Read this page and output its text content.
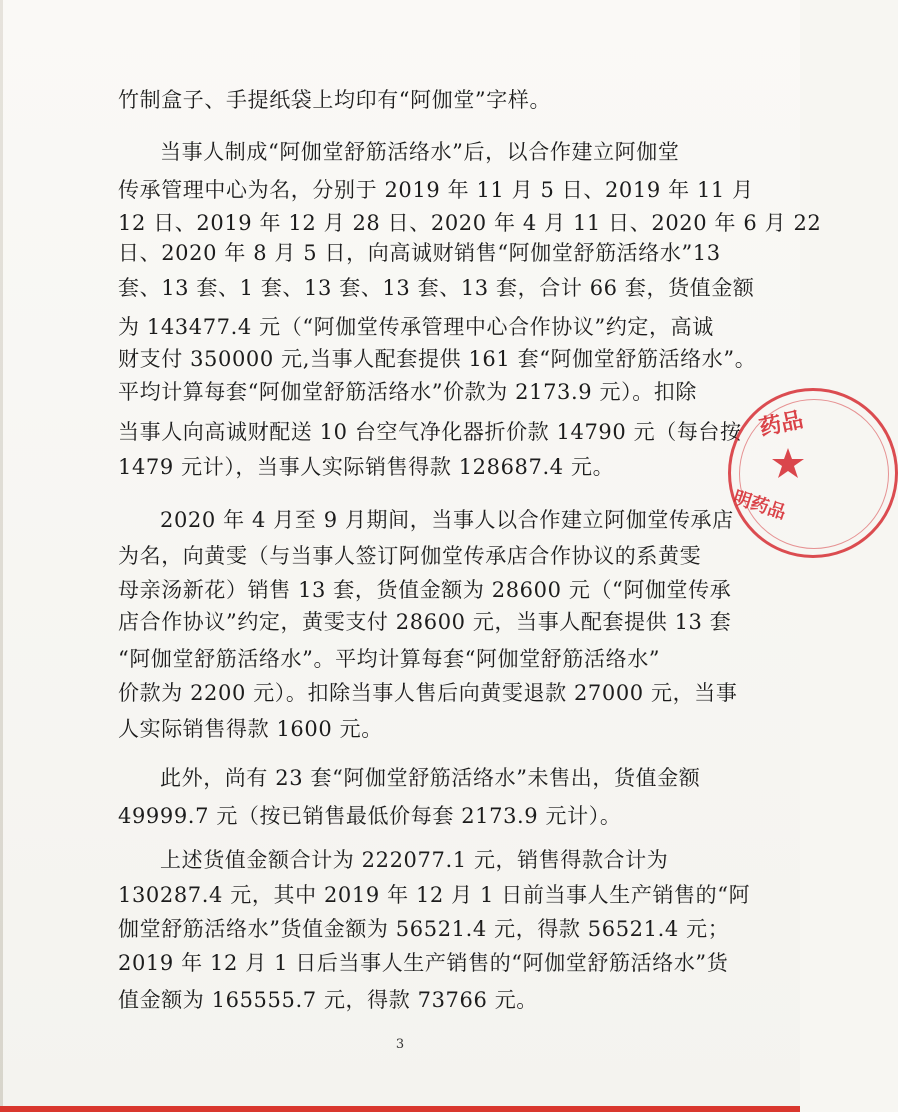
竹制盒子、手提纸袋上均印有“阿伽堂”字样。
当事人制成“阿伽堂舒筋活络水”后，以合作建立阿伽堂
传承管理中心为名，分别于 2019 年 11 月 5 日、2019 年 11 月
12 日、2019 年 12 月 28 日、2020 年 4 月 11 日、2020 年 6 月 22
日、2020 年 8 月 5 日，向高诚财销售“阿伽堂舒筋活络水”13
套、13 套、1 套、13 套、13 套、13 套，合计 66 套，货值金额
为 143477.4 元（“阿伽堂传承管理中心合作协议”约定，高诚
财支付 350000 元,当事人配套提供 161 套“阿伽堂舒筋活络水”。
平均计算每套“阿伽堂舒筋活络水”价款为 2173.9 元）。扣除
当事人向高诚财配送 10 台空气净化器折价款 14790 元（每台按
1479 元计），当事人实际销售得款 128687.4 元。
2020 年 4 月至 9 月期间，当事人以合作建立阿伽堂传承店
为名，向黄雯（与当事人签订阿伽堂传承店合作协议的系黄雯
母亲汤新花）销售 13 套，货值金额为 28600 元（“阿伽堂传承
店合作协议”约定，黄雯支付 28600 元，当事人配套提供 13 套
“阿伽堂舒筋活络水”。平均计算每套“阿伽堂舒筋活络水”
价款为 2200 元）。扣除当事人售后向黄雯退款 27000 元，当事
人实际销售得款 1600 元。
此外，尚有 23 套“阿伽堂舒筋活络水”未售出，货值金额
49999.7 元（按已销售最低价每套 2173.9 元计）。
上述货值金额合计为 222077.1 元，销售得款合计为
130287.4 元，其中 2019 年 12 月 1 日前当事人生产销售的“阿
伽堂舒筋活络水”货值金额为 56521.4 元，得款 56521.4 元；
2019 年 12 月 1 日后当事人生产销售的“阿伽堂舒筋活络水”货
值金额为 165555.7 元，得款 73766 元。
3
药品
明药品
